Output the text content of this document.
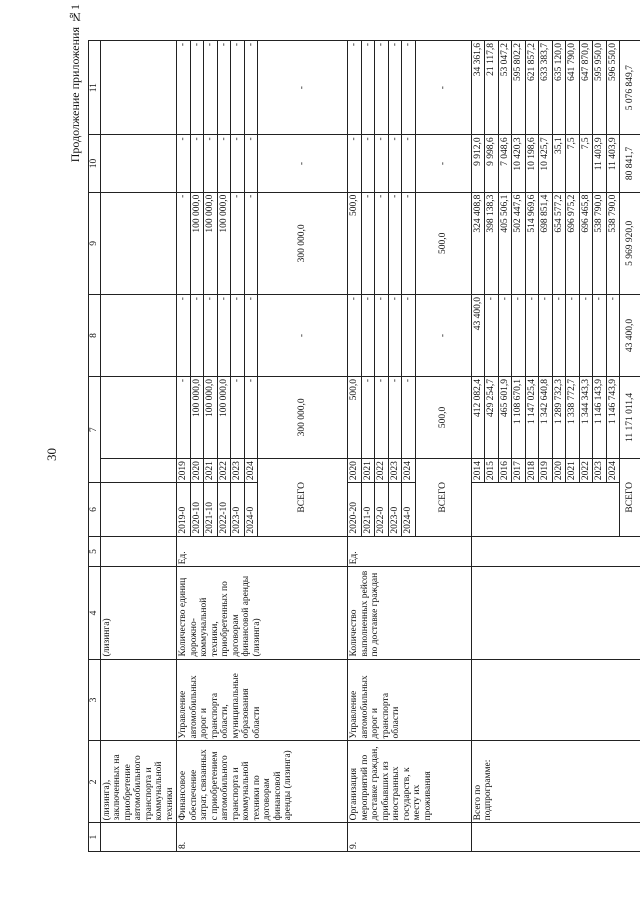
Продолжение приложения №1
30
1	2	3	4	5	6	7		8	9	10	11
	(лизинга), заключенных на приобретение автомобильного транспорта и коммунальной техники		(лизинга)								
8.	Финансовое обеспечение затрат, связанных с приобретением автомобильного транспорта и коммунальной техники по договорам финансовой аренды (лизинга)	Управление автомобильных дорог и транспорта области, муниципальные образования области	Количество единиц дорожно-коммунальной техники, приобретенных по договорам финансовой аренды (лизинга)	Ед.	2019-0	2019	-	-	-	-	-
					2020-10	2020	100 000,0	-	100 000,0	-	-
					2021-10	2021	100 000,0	-	100 000,0	-	-
					2022-10	2022	100 000,0	-	100 000,0	-	-
					2023-0	2023	-	-	-	-	-
					2024-0	2024	-	-	-	-	-
					ВСЕГО		300 000,0	-	300 000,0	-	-
9.	Организация мероприятий по доставке граждан, прибывших из иностранных государств, к месту их проживания	Управление автомобильных дорог и транспорта области	Количество выполненных рейсов по доставке граждан	Ед.	2020-20	2020	500,0	-	500,0	-	-
					2021-0	2021	-	-	-	-	-
					2022-0	2022	-	-	-	-	-
					2023-0	2023	-	-	-	-	-
					2024-0	2024	-	-	-	-	-
					ВСЕГО		500,0	-	500,0	-	-
	Всего по подпрограмме:					2014	412 082,4	43 400,0	324 408,8	9 912,0	34 361,6
						2015	429 254,7	-	398 138,3	9 998,6	21 117,8
						2016	465 601,9	-	405 506,1	7 048,6	53 047,2
						2017	1 108 670,1	-	502 447,6	10 420,3	595 802,2
						2018	1 147 025,4	-	514 969,6	10 198,6	621 857,2
						2019	1 342 640,8	-	698 851,4	10 425,7	633 383,7
						2020	1 289 732,3	-	654 577,2	35,1	635 120,0
						2021	1 338 772,7	-	696 975,2	7,5	641 790,0
						2022	1 344 343,3	-	696 465,8	7,5	647 870,0
						2023	1 146 143,9	-	538 790,0	11 403,9	595 950,0
						2024	1 146 743,9	-	538 790,0	11 403,9	596 550,0
					ВСЕГО		11 171 011,4	43 400,0	5 969 920,0	80 841,7	5 076 849,7
